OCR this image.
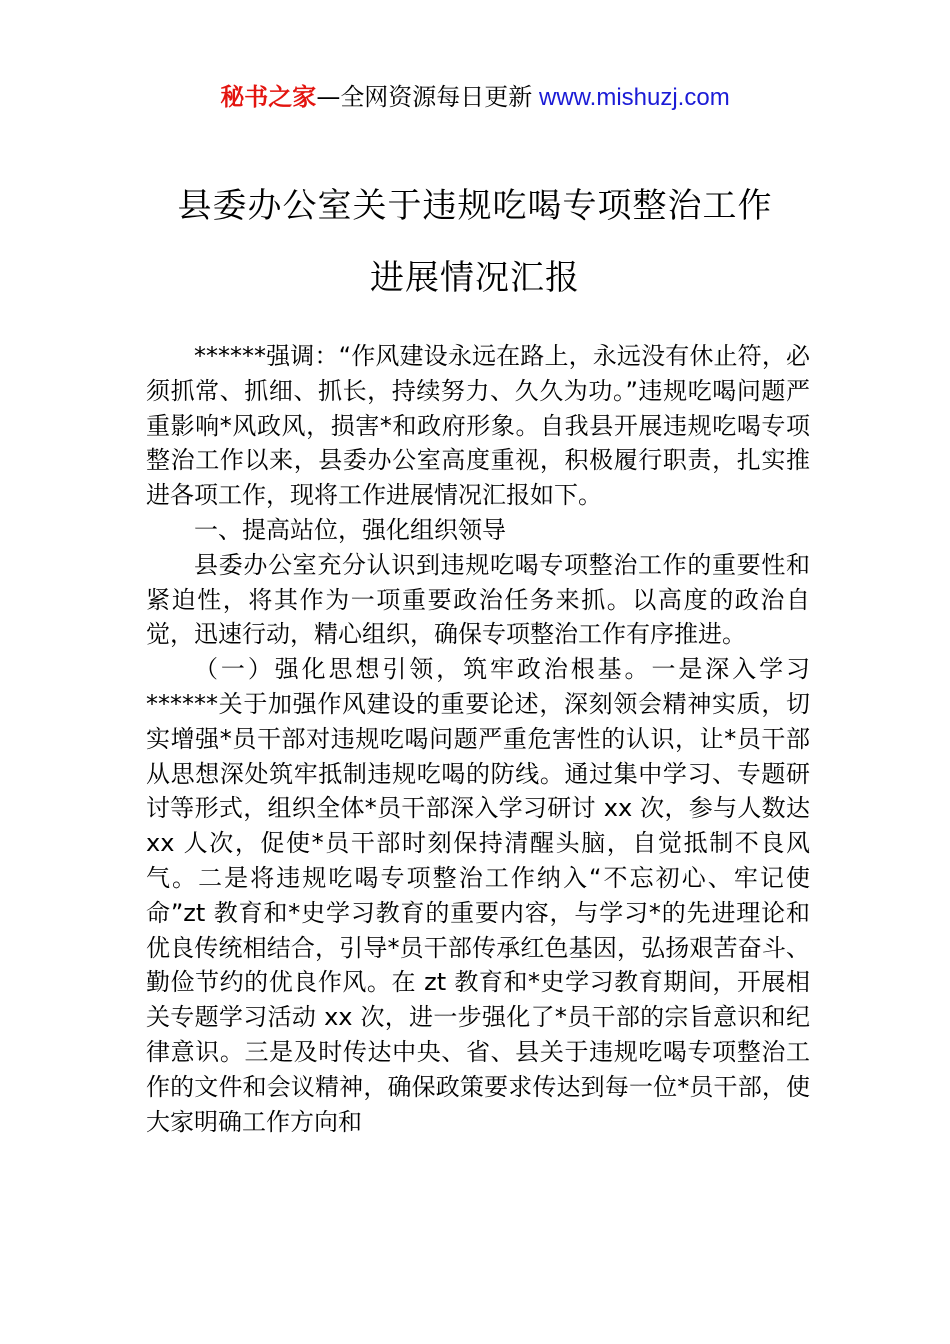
秘书之家—全网资源每日更新 www.mishuzj.com
县委办公室关于违规吃喝专项整治工作
进展情况汇报

******强调：“作风建设永远在路上，永远没有休止符，必须抓常、抓细、抓长，持续努力、久久为功。”违规吃喝问题严重影响*风政风，损害*和政府形象。自我县开展违规吃喝专项整治工作以来，县委办公室高度重视，积极履行职责，扎实推进各项工作，现将工作进展情况汇报如下。

一、提高站位，强化组织领导

县委办公室充分认识到违规吃喝专项整治工作的重要性和紧迫性，将其作为一项重要政治任务来抓。以高度的政治自觉，迅速行动，精心组织，确保专项整治工作有序推进。

（一）强化思想引领，筑牢政治根基。一是深入学习******关于加强作风建设的重要论述，深刻领会精神实质，切实增强*员干部对违规吃喝问题严重危害性的认识，让*员干部从思想深处筑牢抵制违规吃喝的防线。通过集中学习、专题研讨等形式，组织全体*员干部深入学习研讨 xx 次，参与人数达 xx 人次，促使*员干部时刻保持清醒头脑，自觉抵制不良风气。二是将违规吃喝专项整治工作纳入“不忘初心、牢记使命”zt 教育和*史学习教育的重要内容，与学习*的先进理论和优良传统相结合，引导*员干部传承红色基因，弘扬艰苦奋斗、勤俭节约的优良作风。在 zt 教育和*史学习教育期间，开展相关专题学习活动 xx 次，进一步强化了*员干部的宗旨意识和纪律意识。三是及时传达中央、省、县关于违规吃喝专项整治工作的文件和会议精神，确保政策要求传达到每一位*员干部，使大家明确工作方向和
